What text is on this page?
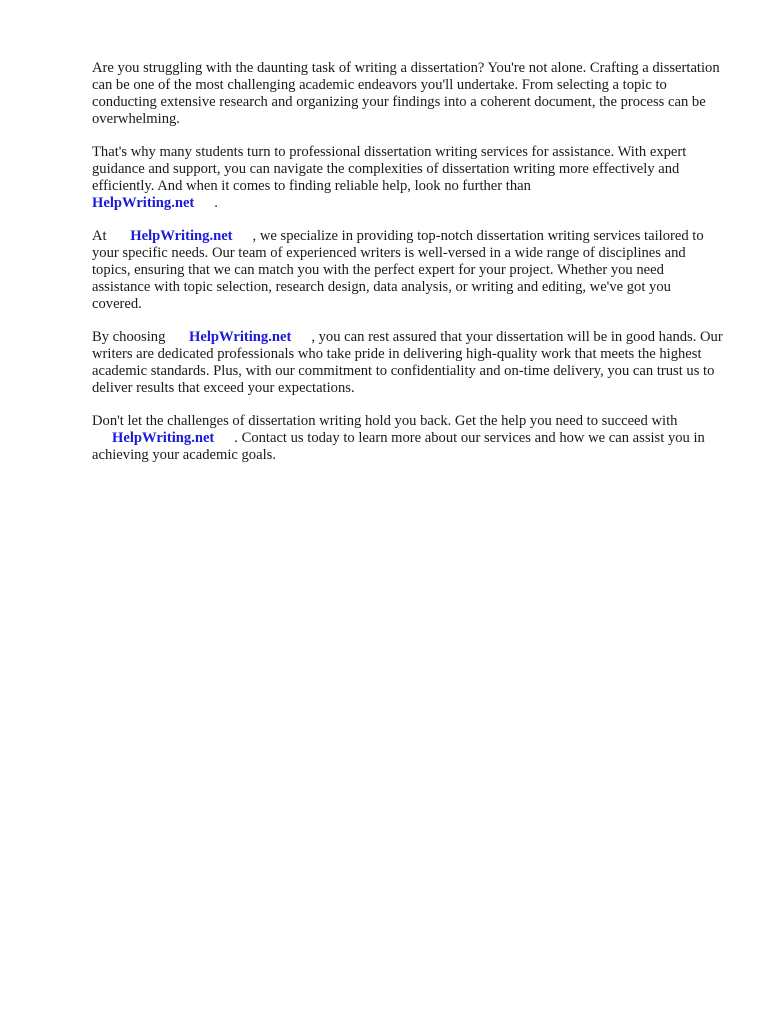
Are you struggling with the daunting task of writing a dissertation? You're not alone. Crafting a dissertation can be one of the most challenging academic endeavors you'll undertake. From selecting a topic to conducting extensive research and organizing your findings into a coherent document, the process can be overwhelming.

That's why many students turn to professional dissertation writing services for assistance. With expert guidance and support, you can navigate the complexities of dissertation writing more effectively and efficiently. And when it comes to finding reliable help, look no further than
HelpWriting.net .

At HelpWriting.net , we specialize in providing top-notch dissertation writing services tailored to your specific needs. Our team of experienced writers is well-versed in a wide range of disciplines and topics, ensuring that we can match you with the perfect expert for your project. Whether you need assistance with topic selection, research design, data analysis, or writing and editing, we've got you covered.

By choosing HelpWriting.net , you can rest assured that your dissertation will be in good hands. Our writers are dedicated professionals who take pride in delivering high-quality work that meets the highest academic standards. Plus, with our commitment to confidentiality and on-time delivery, you can trust us to deliver results that exceed your expectations.

Don't let the challenges of dissertation writing hold you back. Get the help you need to succeed with
HelpWriting.net . Contact us today to learn more about our services and how we can assist you in achieving your academic goals.
